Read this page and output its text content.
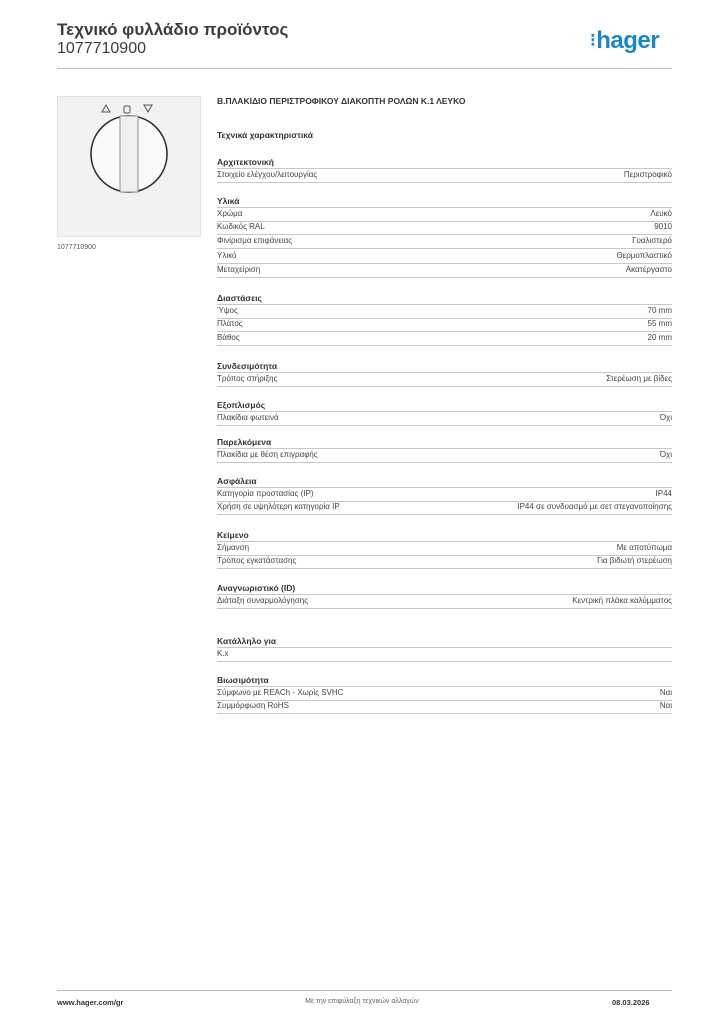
Τεχνικό φυλλάδιο προϊόντος
1077710900	⁝hager
1077710900
Β.ΠΛΑΚΙΔΙΟ ΠΕΡΙΣΤΡΟΦΙΚΟΥ ΔΙΑΚΟΠΤΗ ΡΟΛΩΝ Κ.1 ΛΕΥΚΟ
Τεχνικά χαρακτηριστικά
Αρχιτεκτονική
Στοιχείο ελέγχου/λειτουργίας	Περιστροφικό
Υλικά
Χρώμα	Λευκό
Κωδικός RAL	9010
Φινίρισμα επιφάνειας	Γυαλιστερό
Υλικό	Θερμοπλαστικό
Μεταχείριση	Ακατέργαστο
Διαστάσεις
Ύψος	70 mm
Πλάτος	55 mm
Βάθος	20 mm
Συνδεσιμότητα
Τρόπος στήριξης	Στερέωση με βίδες
Εξοπλισμός
Πλακίδια φωτεινά	Όχι
Παρελκόμενα
Πλακίδια με θέση επιγραφής	Όχι
Ασφάλεια
Κατηγορία προστασίας (IP)	IP44
Χρήση σε υψηλότερη κατηγορία IP	IP44 σε συνδυασμό με σετ στεγανοποίησης
Κείμενο
Σήμανση	Με αποτύπωμα
Τρόπος εγκατάστασης	Για βιδωτή στερέωση
Αναγνωριστικό (ID)
Διάταξη συναρμολόγησης	Κεντρική πλάκα καλύμματος
Κατάλληλο για
Κ.x
Βιωσιμότητα
Σύμφωνο με REACh - Χωρίς SVHC	Ναι
Συμμόρφωση RoHS	Ναι
www.hager.com/gr	Με την επιφύλαξη τεχνικών αλλαγών	08.03.2026
